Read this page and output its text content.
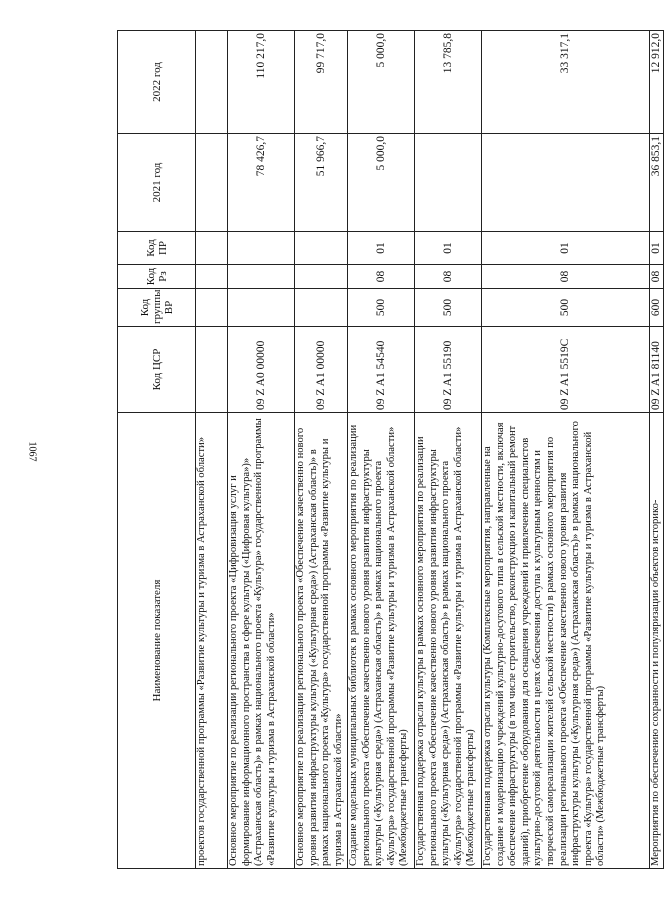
1067
Наименование показателя	Код ЦСР	Код группы ВР	Код Рз	Код ПР	2021 год	2022 год
проектов государственной программы «Развитие культуры и туризма в Астраханской области»						
Основное мероприятие по реализации регионального проекта «Цифровизация услуг и формирование информационного пространства в сфере культуры («Цифровая культура»)» (Астраханская область)» в рамках национального проекта «Культура» государственной программы «Развитие культуры и туризма в Астраханской области»	09 Z A0 00000				78 426,7	110 217,0
Основное мероприятие по реализации регионального проекта «Обеспечение качественно нового уровня развития инфраструктуры культуры («Культурная среда») (Астраханская область)» в рамках национального проекта «Культура» государственной программы «Развитие культуры и туризма в Астраханской области»	09 Z A1 00000				51 966,7	99 717,0
Создание модельных муниципальных библиотек в рамках основного мероприятия по реализации регионального проекта «Обеспечение качественно нового уровня развития инфраструктуры культуры («Культурная среда») (Астраханская область)» в рамках национального проекта «Культура» государственной программы «Развитие культуры и туризма в Астраханской области» (Межбюджетные трансферты)	09 Z A1 54540	500	08	01	5 000,0	5 000,0
Государственная поддержка отрасли культуры в рамках основного мероприятия по реализации регионального проекта «Обеспечение качественно нового уровня развития инфраструктуры культуры («Культурная среда») (Астраханская область)» в рамках национального проекта «Культура» государственной программы «Развитие культуры и туризма в Астраханской области» (Межбюджетные трансферты)	09 Z A1 55190	500	08	01		13 785,8
Государственная поддержка отрасли культуры (Комплексные мероприятия, направленные на создание и модернизацию учреждений культурно-досугового типа в сельской местности, включая обеспечение инфраструктуры (в том числе строительство, реконструкцию и капитальный ремонт зданий), приобретение оборудования для оснащения учреждений и привлечение специалистов культурно-досуговой деятельности в целях обеспечения доступа к культурным ценностям и творческой самореализации жителей сельской местности) в рамках основного мероприятия по реализации регионального проекта «Обеспечение качественно нового уровня развития инфраструктуры культуры («Культурная среда») (Астраханская область)» в рамках национального проекта «Культура» государственной программы «Развитие культуры и туризма в Астраханской области» (Межбюджетные трансферты)	09 Z A1 5519C	500	08	01		33 317,1
Мероприятия по обеспечению сохранности и популяризации объектов историко-	09 Z A1 81140	600	08	01	36 853,1	12 912,0
